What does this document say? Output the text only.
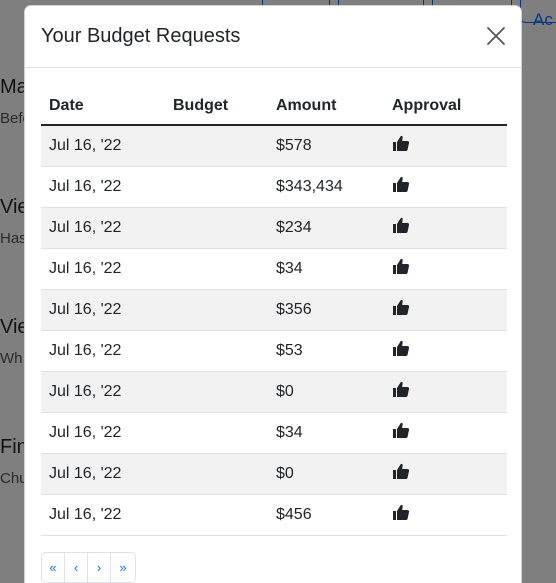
Your Budget Requests
Date	Budget	Amount	Approval
Jul 16, '22		$578	
Jul 16, '22		$343,434	
Jul 16, '22		$234	
Jul 16, '22		$34	
Jul 16, '22		$356	
Jul 16, '22		$53	
Jul 16, '22		$0	
Jul 16, '22		$34	
Jul 16, '22		$0	
Jul 16, '22		$456	
«	‹	›	»
